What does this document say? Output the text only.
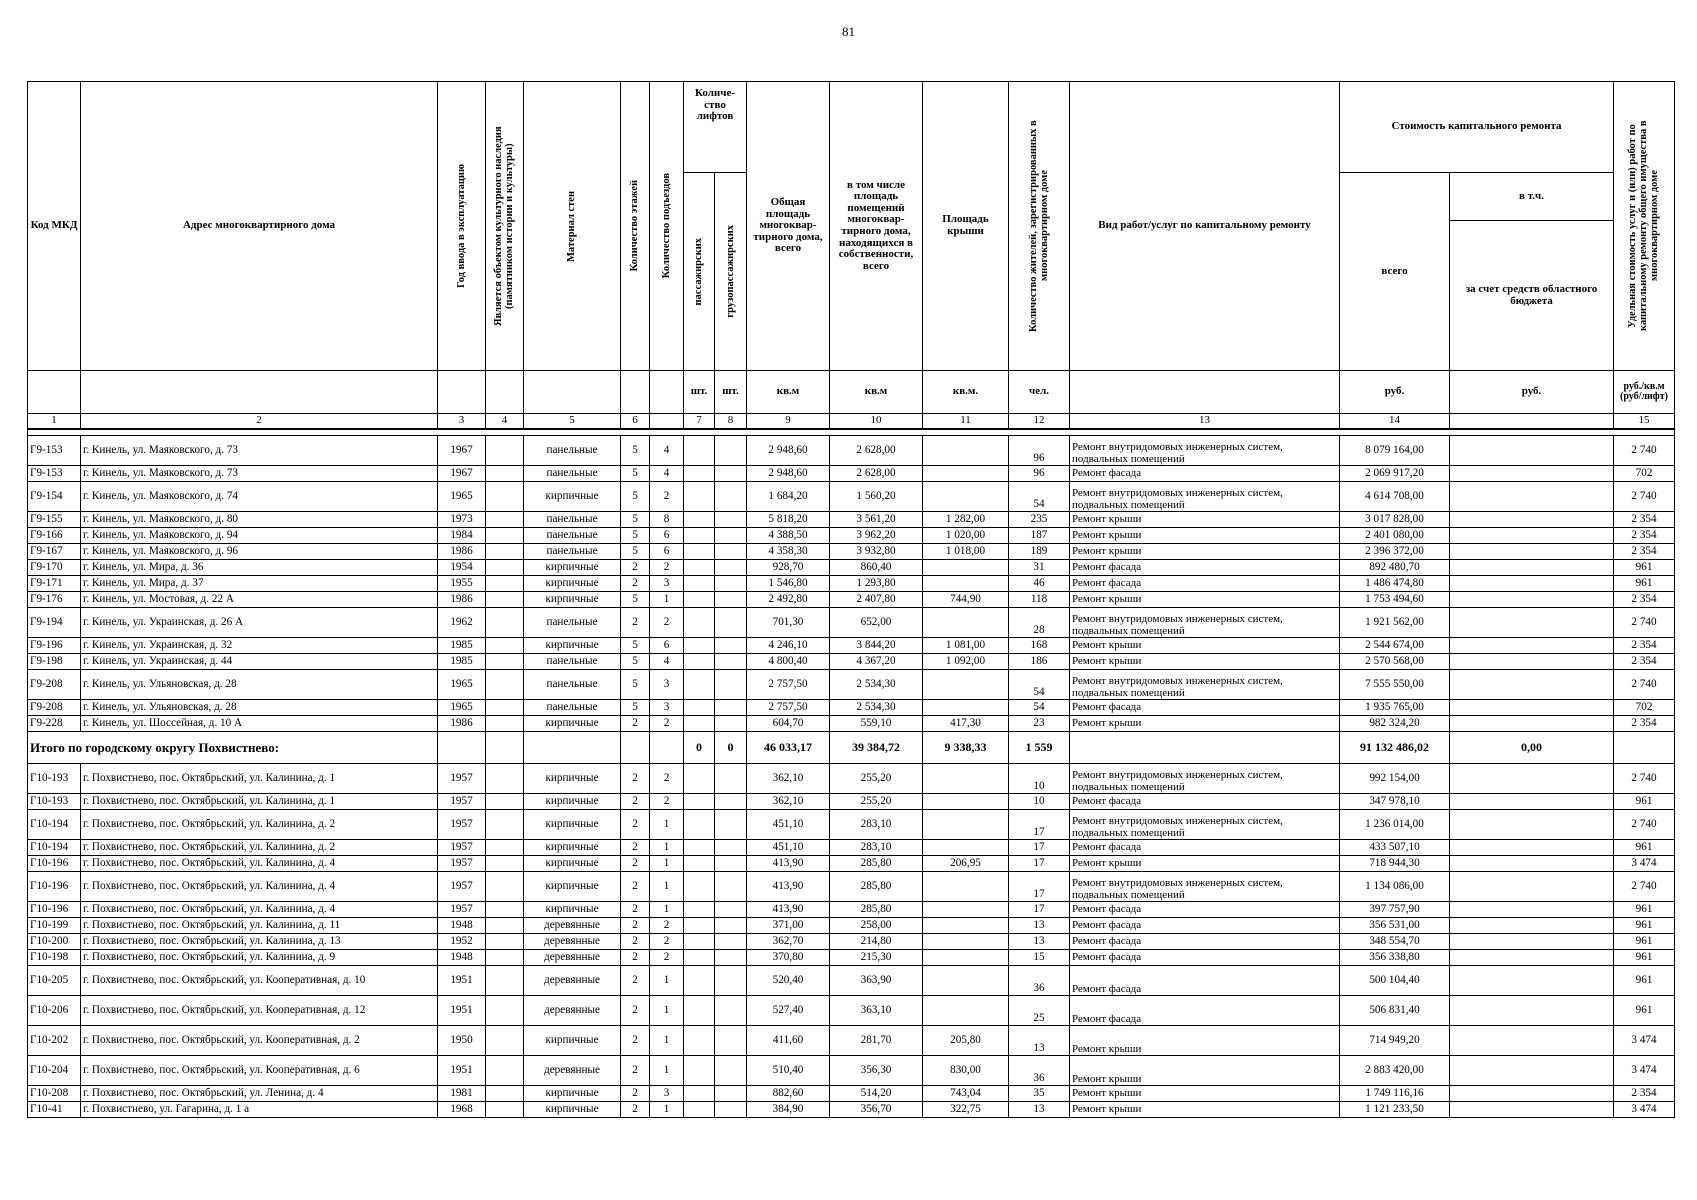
81
Код МКД	Адрес многоквартирного дома	Год ввода в эксплуатацию	Является объектом культурного наследия (памятником истории и культуры)	Материал стен	Количество этажей	Количество подъездов	Количе-ство лифтов		Общая площадь многоквар-тирного дома, всего	в том числе площадь помещений многоквар-тирного дома, находящихся в собственности, всего	Площадь крыши	Количество жителей, зарегистрированных в многоквартирном доме	Вид работ/услуг по капитальному ремонту	Стоимость капитального ремонта		Удельная стоимость услуг и (или) работ по капитальному ремонту общего имущества в многоквартирном доме

							пассажирских	грузопассажирских						всего	в т.ч.		
															за счет средств областного бюджета		
							шт.	шт.	кв.м	кв.м	кв.м.	чел.		руб.	руб.	руб./кв.м (руб/лифт)	
1	2	3	4	5	6		7	8	9	10	11	12	13	14		15	

Г9-153	г. Кинель, ул. Маяковского, д. 73	1967		панельные	5	4			2 948,60	2 628,00		96	Ремонт внутридомовых инженерных систем, подвальных помещений	8 079 164,00		2 740	
Г9-153	г. Кинель, ул. Маяковского, д. 73	1967		панельные	5	4			2 948,60	2 628,00		96	Ремонт фасада	2 069 917,20		702	
Г9-154	г. Кинель, ул. Маяковского, д. 74	1965		кирпичные	5	2			1 684,20	1 560,20		54	Ремонт внутридомовых инженерных систем, подвальных помещений	4 614 708,00		2 740	
Г9-155	г. Кинель, ул. Маяковского, д. 80	1973		панельные	5	8			5 818,20	3 561,20	1 282,00	235	Ремонт крыши	3 017 828,00		2 354	
Г9-166	г. Кинель, ул. Маяковского, д. 94	1984		панельные	5	6			4 388,50	3 962,20	1 020,00	187	Ремонт крыши	2 401 080,00		2 354	
Г9-167	г. Кинель, ул. Маяковского, д. 96	1986		панельные	5	6			4 358,30	3 932,80	1 018,00	189	Ремонт крыши	2 396 372,00		2 354	
Г9-170	г. Кинель, ул. Мира, д. 36	1954		кирпичные	2	2			928,70	860,40		31	Ремонт фасада	892 480,70		961	
Г9-171	г. Кинель, ул. Мира, д. 37	1955		кирпичные	2	3			1 546,80	1 293,80		46	Ремонт фасада	1 486 474,80		961	
Г9-176	г. Кинель, ул. Мостовая, д. 22 А	1986		кирпичные	5	1			2 492,80	2 407,80	744,90	118	Ремонт крыши	1 753 494,60		2 354	
Г9-194	г. Кинель, ул. Украинская, д. 26 А	1962		панельные	2	2			701,30	652,00		28	Ремонт внутридомовых инженерных систем, подвальных помещений	1 921 562,00		2 740	
Г9-196	г. Кинель, ул. Украинская, д. 32	1985		кирпичные	5	6			4 246,10	3 844,20	1 081,00	168	Ремонт крыши	2 544 674,00		2 354	
Г9-198	г. Кинель, ул. Украинская, д. 44	1985		панельные	5	4			4 800,40	4 367,20	1 092,00	186	Ремонт крыши	2 570 568,00		2 354	
Г9-208	г. Кинель, ул. Ульяновская, д. 28	1965		панельные	5	3			2 757,50	2 534,30		54	Ремонт внутридомовых инженерных систем, подвальных помещений	7 555 550,00		2 740	
Г9-208	г. Кинель, ул. Ульяновская, д. 28	1965		панельные	5	3			2 757,50	2 534,30		54	Ремонт фасада	1 935 765,00		702	
Г9-228	г. Кинель, ул. Шоссейная, д. 10 А	1986		кирпичные	2	2			604,70	559,10	417,30	23	Ремонт крыши	982 324,20		2 354	
Итого по городскому округу Похвистнево:							0	0	46 033,17	39 384,72	9 338,33	1 559		91 132 486,02	0,00		
Г10-193	г. Похвистнево, пос. Октябрьский, ул. Калинина, д. 1	1957		кирпичные	2	2			362,10	255,20		10	Ремонт внутридомовых инженерных систем, подвальных помещений	992 154,00		2 740	
Г10-193	г. Похвистнево, пос. Октябрьский, ул. Калинина, д. 1	1957		кирпичные	2	2			362,10	255,20		10	Ремонт фасада	347 978,10		961	
Г10-194	г. Похвистнево, пос. Октябрьский, ул. Калинина, д. 2	1957		кирпичные	2	1			451,10	283,10		17	Ремонт внутридомовых инженерных систем, подвальных помещений	1 236 014,00		2 740	
Г10-194	г. Похвистнево, пос. Октябрьский, ул. Калинина, д. 2	1957		кирпичные	2	1			451,10	283,10		17	Ремонт фасада	433 507,10		961	
Г10-196	г. Похвистнево, пос. Октябрьский, ул. Калинина, д. 4	1957		кирпичные	2	1			413,90	285,80	206,95	17	Ремонт крыши	718 944,30		3 474	
Г10-196	г. Похвистнево, пос. Октябрьский, ул. Калинина, д. 4	1957		кирпичные	2	1			413,90	285,80		17	Ремонт внутридомовых инженерных систем, подвальных помещений	1 134 086,00		2 740	
Г10-196	г. Похвистнево, пос. Октябрьский, ул. Калинина, д. 4	1957		кирпичные	2	1			413,90	285,80		17	Ремонт фасада	397 757,90		961	
Г10-199	г. Похвистнево, пос. Октябрьский, ул. Калинина, д. 11	1948		деревянные	2	2			371,00	258,00		13	Ремонт фасада	356 531,00		961	
Г10-200	г. Похвистнево, пос. Октябрьский, ул. Калинина, д. 13	1952		деревянные	2	2			362,70	214,80		13	Ремонт фасада	348 554,70		961	
Г10-198	г. Похвистнево, пос. Октябрьский, ул. Калинина, д. 9	1948		деревянные	2	2			370,80	215,30		15	Ремонт фасада	356 338,80		961	
Г10-205	г. Похвистнево, пос. Октябрьский, ул. Кооперативная, д. 10	1951		деревянные	2	1			520,40	363,90		36	Ремонт фасада	500 104,40		961	
Г10-206	г. Похвистнево, пос. Октябрьский, ул. Кооперативная, д. 12	1951		деревянные	2	1			527,40	363,10		25	Ремонт фасада	506 831,40		961	
Г10-202	г. Похвистнево, пос. Октябрьский, ул. Кооперативная, д. 2	1950		кирпичные	2	1			411,60	281,70	205,80	13	Ремонт крыши	714 949,20		3 474	
Г10-204	г. Похвистнево, пос. Октябрьский, ул. Кооперативная, д. 6	1951		деревянные	2	1			510,40	356,30	830,00	36	Ремонт крыши	2 883 420,00		3 474	
Г10-208	г. Похвистнево, пос. Октябрьский, ул. Ленина, д. 4	1981		кирпичные	2	3			882,60	514,20	743,04	35	Ремонт крыши	1 749 116,16		2 354	
Г10-41	г. Похвистнево, ул. Гагарина, д. 1 а	1968		кирпичные	2	1			384,90	356,70	322,75	13	Ремонт крыши	1 121 233,50		3 474	
